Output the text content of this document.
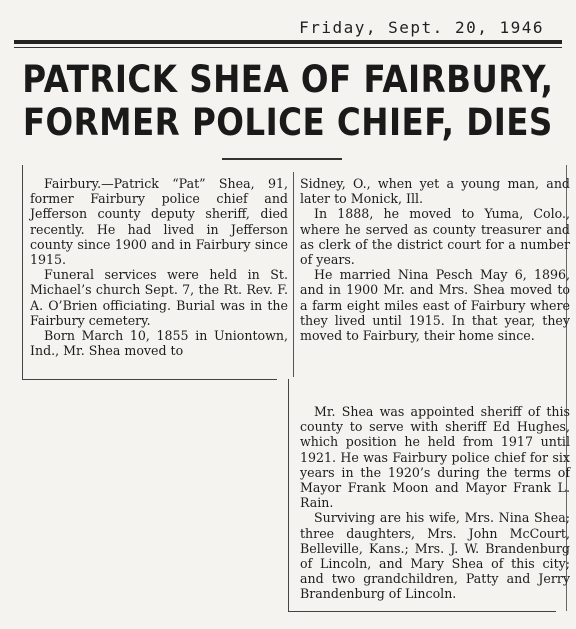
Friday, Sept. 20, 1946
PATRICK SHEA OF FAIRBURY,
FORMER POLICE CHIEF, DIES

Fairbury.—Patrick “Pat” Shea, 91, former Fairbury police chief and Jefferson county deputy sheriff, died recently. He had lived in Jefferson county since 1900 and in Fairbury since 1915.

Funeral services were held in St. Michael’s church Sept. 7, the Rt. Rev. F. A. O’Brien officiating. Burial was in the Fairbury cemetery.

Born March 10, 1855 in Uniontown, Ind., Mr. Shea moved to

Sidney, O., when yet a young man, and later to Monick, Ill.

In 1888, he moved to Yuma, Colo., where he served as county treasurer and as clerk of the district court for a number of years.

He married Nina Pesch May 6, 1896, and in 1900 Mr. and Mrs. Shea moved to a farm eight miles east of Fairbury where they lived until 1915. In that year, they moved to Fairbury, their home since.

Mr. Shea was appointed sheriff of this county to serve with sheriff Ed Hughes, which position he held from 1917 until 1921. He was Fairbury police chief for six years in the 1920’s during the terms of Mayor Frank Moon and Mayor Frank L. Rain.

Surviving are his wife, Mrs. Nina Shea; three daughters, Mrs. John McCourt, Belleville, Kans.; Mrs. J. W. Brandenburg of Lincoln, and Mary Shea of this city; and two grandchildren, Patty and Jerry Brandenburg of Lincoln.
